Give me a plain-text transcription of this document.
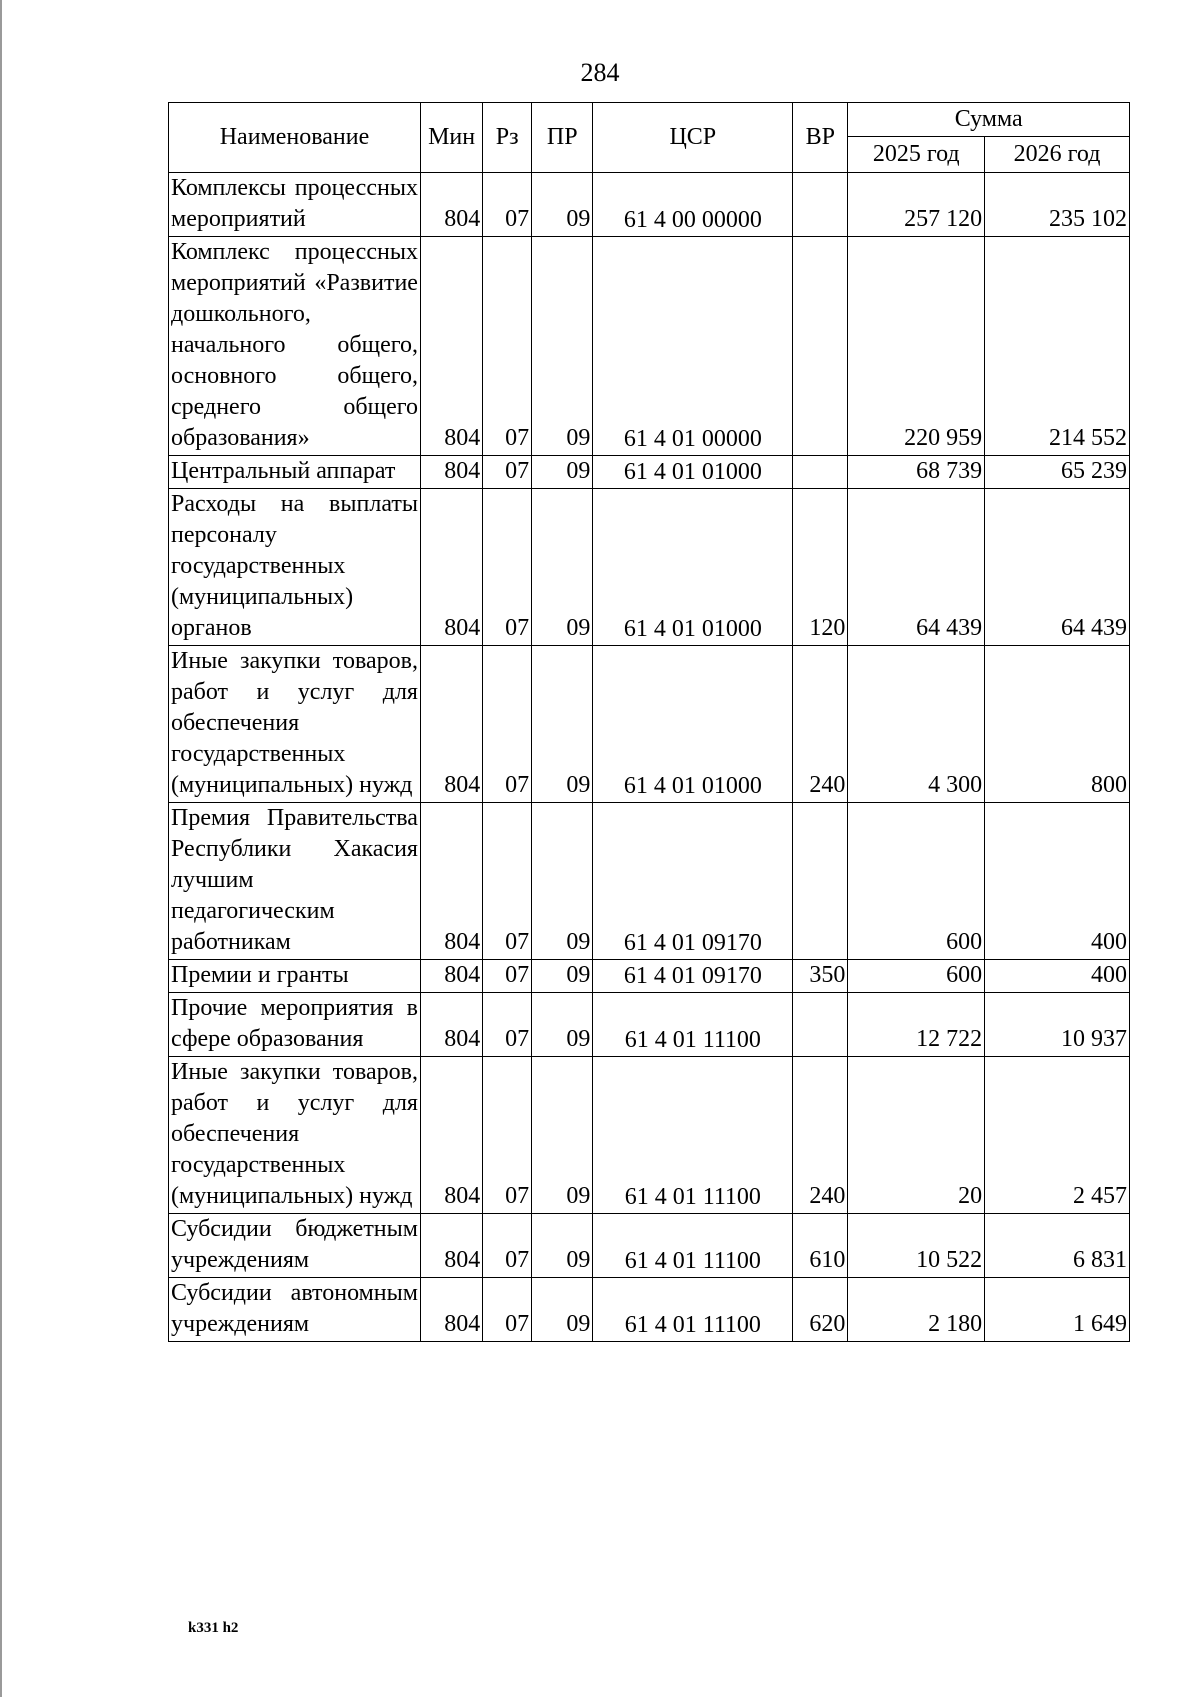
284
Наименование	Мин	Рз	ПР	ЦСР	ВР	Сумма	
						2025 год	2026 год
Комплексы процессных мероприятий	804	07	09	61 4 00 00000		257 120	235 102
Комплекс процессных мероприятий «Развитие дошкольного, начального общего, основного общего, среднего общего образования»	804	07	09	61 4 01 00000		220 959	214 552
Центральный аппарат	804	07	09	61 4 01 01000		68 739	65 239
Расходы на выплаты персоналу государственных (муниципальных) органов	804	07	09	61 4 01 01000	120	64 439	64 439
Иные закупки товаров, работ и услуг для обеспечения государственных (муниципальных) нужд	804	07	09	61 4 01 01000	240	4 300	800
Премия Правительства Республики Хакасия лучшим педагогическим работникам	804	07	09	61 4 01 09170		600	400
Премии и гранты	804	07	09	61 4 01 09170	350	600	400
Прочие мероприятия в сфере образования	804	07	09	61 4 01 11100		12 722	10 937
Иные закупки товаров, работ и услуг для обеспечения государственных (муниципальных) нужд	804	07	09	61 4 01 11100	240	20	2 457
Субсидии бюджетным учреждениям	804	07	09	61 4 01 11100	610	10 522	6 831
Субсидии автономным учреждениям	804	07	09	61 4 01 11100	620	2 180	1 649
k331 h2
